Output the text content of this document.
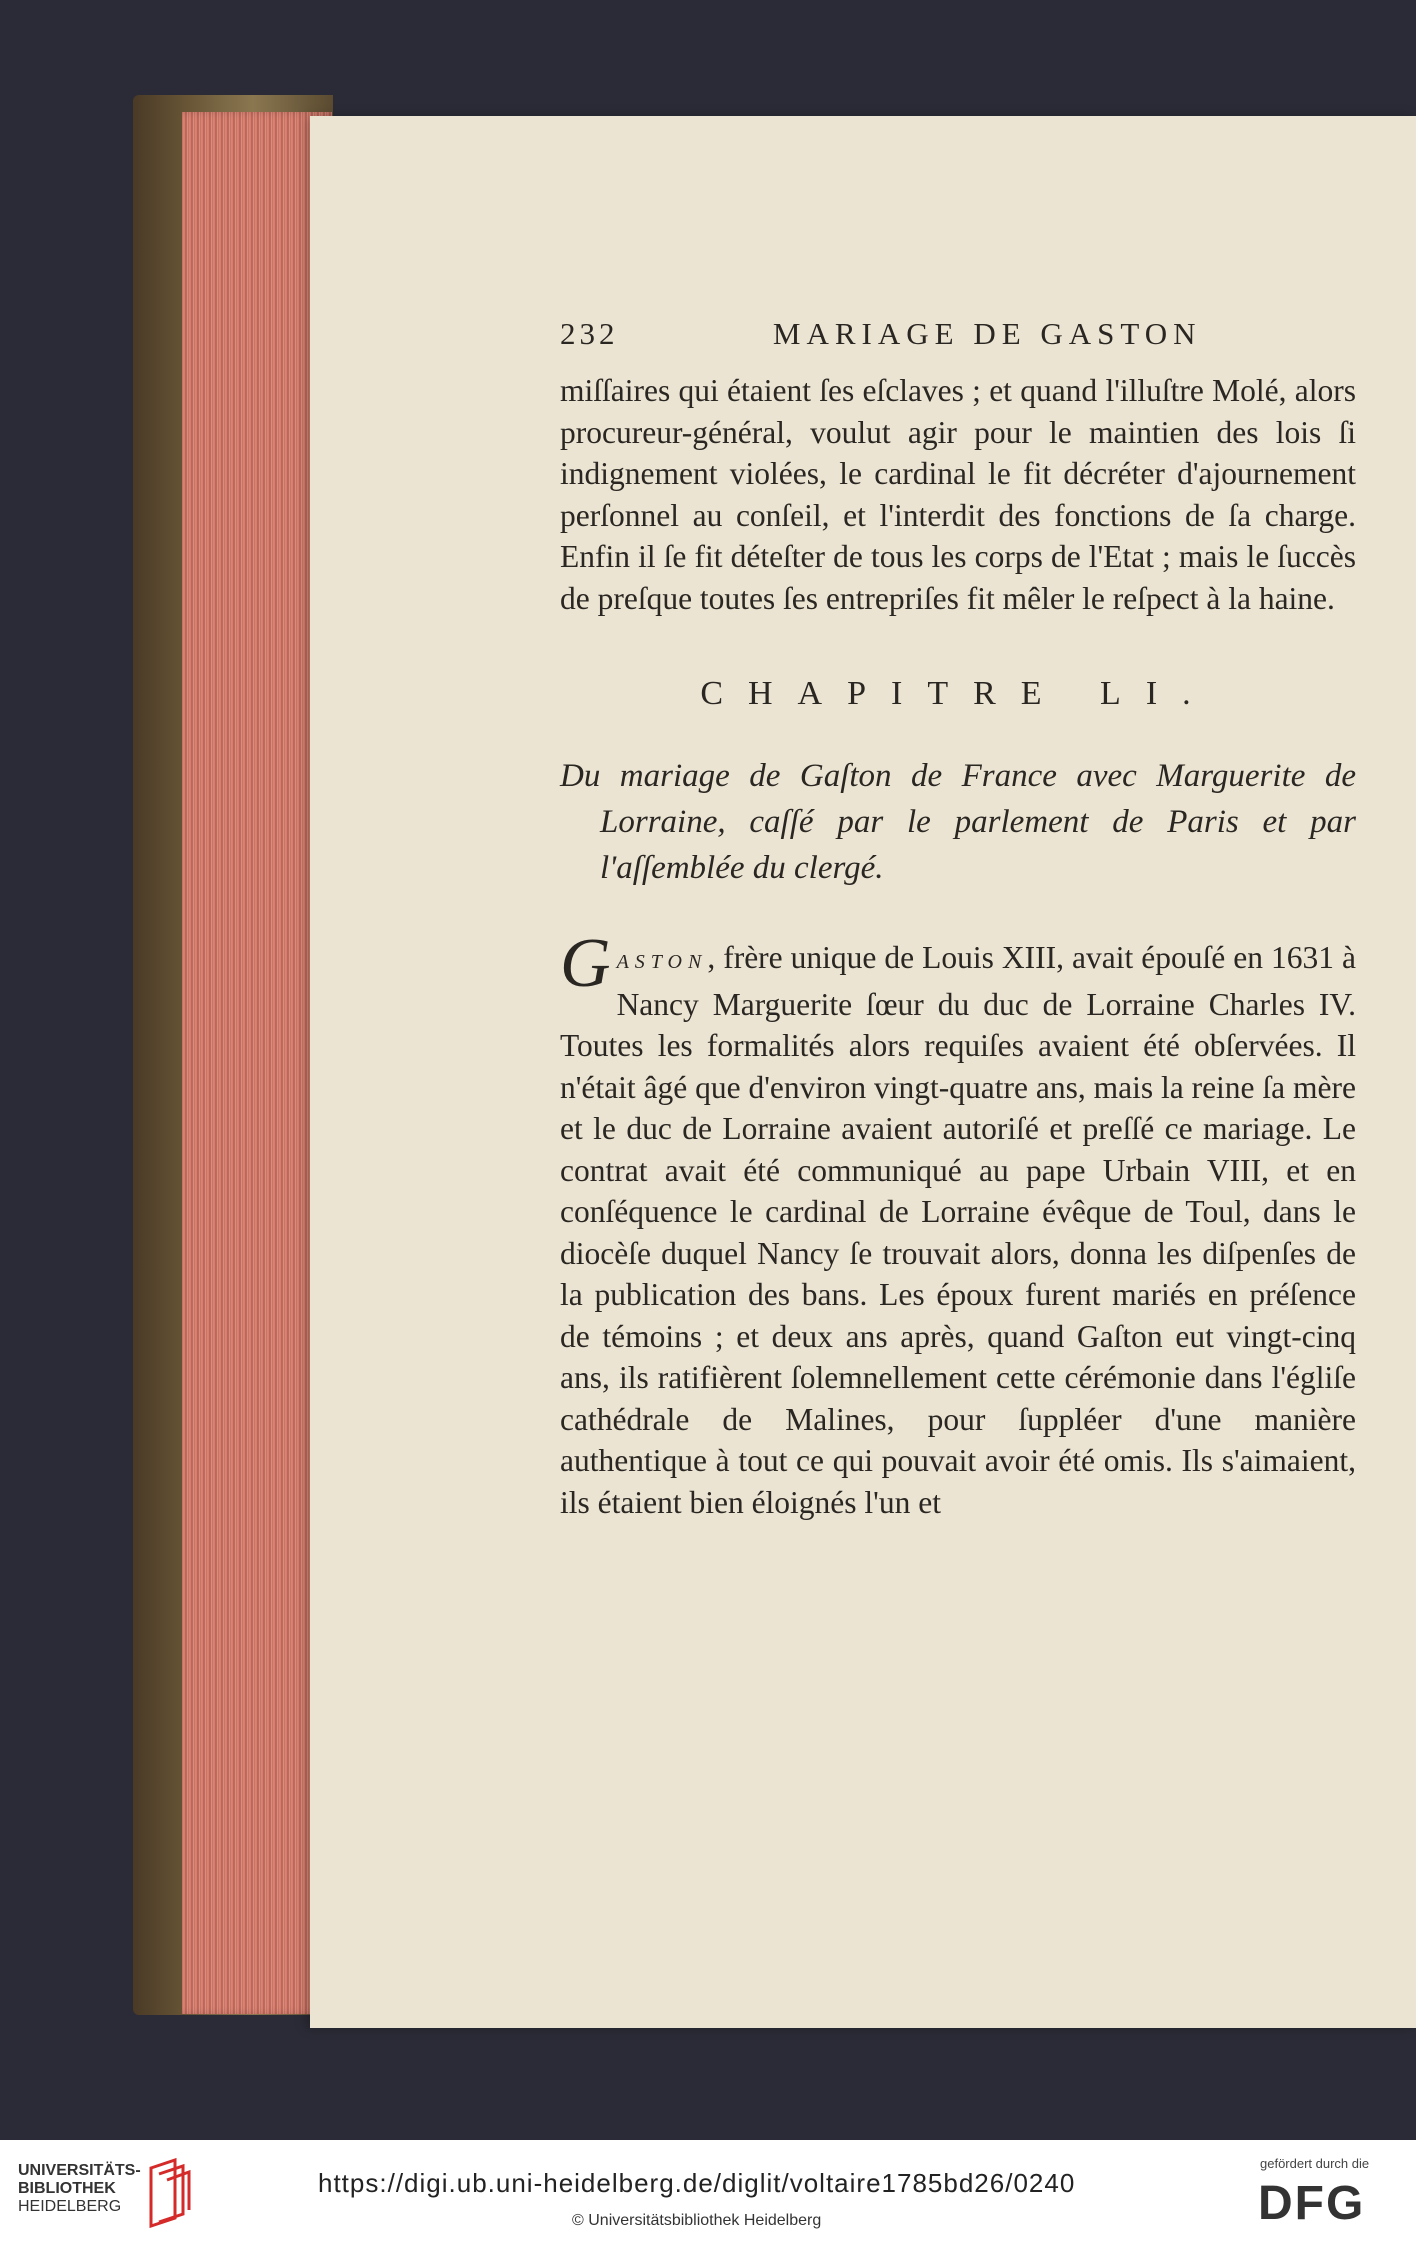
232	MARIAGE DE GASTON

miſſaires qui étaient ſes eſclaves ; et quand l'illuſtre Molé, alors procureur-général, voulut agir pour le maintien des lois ſi indignement violées, le cardinal le fit décréter d'ajournement perſonnel au conſeil, et l'interdit des fonctions de ſa charge. Enfin il ſe fit déteſter de tous les corps de l'Etat ; mais le ſuccès de preſque toutes ſes entrepriſes fit mêler le reſpect à la haine.

CHAPITRE LI.

Du mariage de Gaſton de France avec Marguerite de Lorraine, caſſé par le parlement de Paris et par l'aſſemblée du clergé.

GASTON, frère unique de Louis XIII, avait épouſé en 1631 à Nancy Marguerite ſœur du duc de Lorraine Charles IV. Toutes les formalités alors requiſes avaient été obſervées. Il n'était âgé que d'environ vingt-quatre ans, mais la reine ſa mère et le duc de Lorraine avaient autoriſé et preſſé ce mariage. Le contrat avait été communiqué au pape Urbain VIII, et en conſéquence le cardinal de Lorraine évêque de Toul, dans le diocèſe duquel Nancy ſe trouvait alors, donna les diſpenſes de la publication des bans. Les époux furent mariés en préſence de témoins ; et deux ans après, quand Gaſton eut vingt-cinq ans, ils ratifièrent ſolemnellement cette cérémonie dans l'égliſe cathédrale de Malines, pour ſuppléer d'une manière authentique à tout ce qui pouvait avoir été omis. Ils s'aimaient, ils étaient bien éloignés l'un et

UNIVERSITÄTS-
BIBLIOTHEK
HEIDELBERG
https://digi.ub.uni-heidelberg.de/diglit/voltaire1785bd26/0240
© Universitätsbibliothek Heidelberg
gefördert durch die
DFG
